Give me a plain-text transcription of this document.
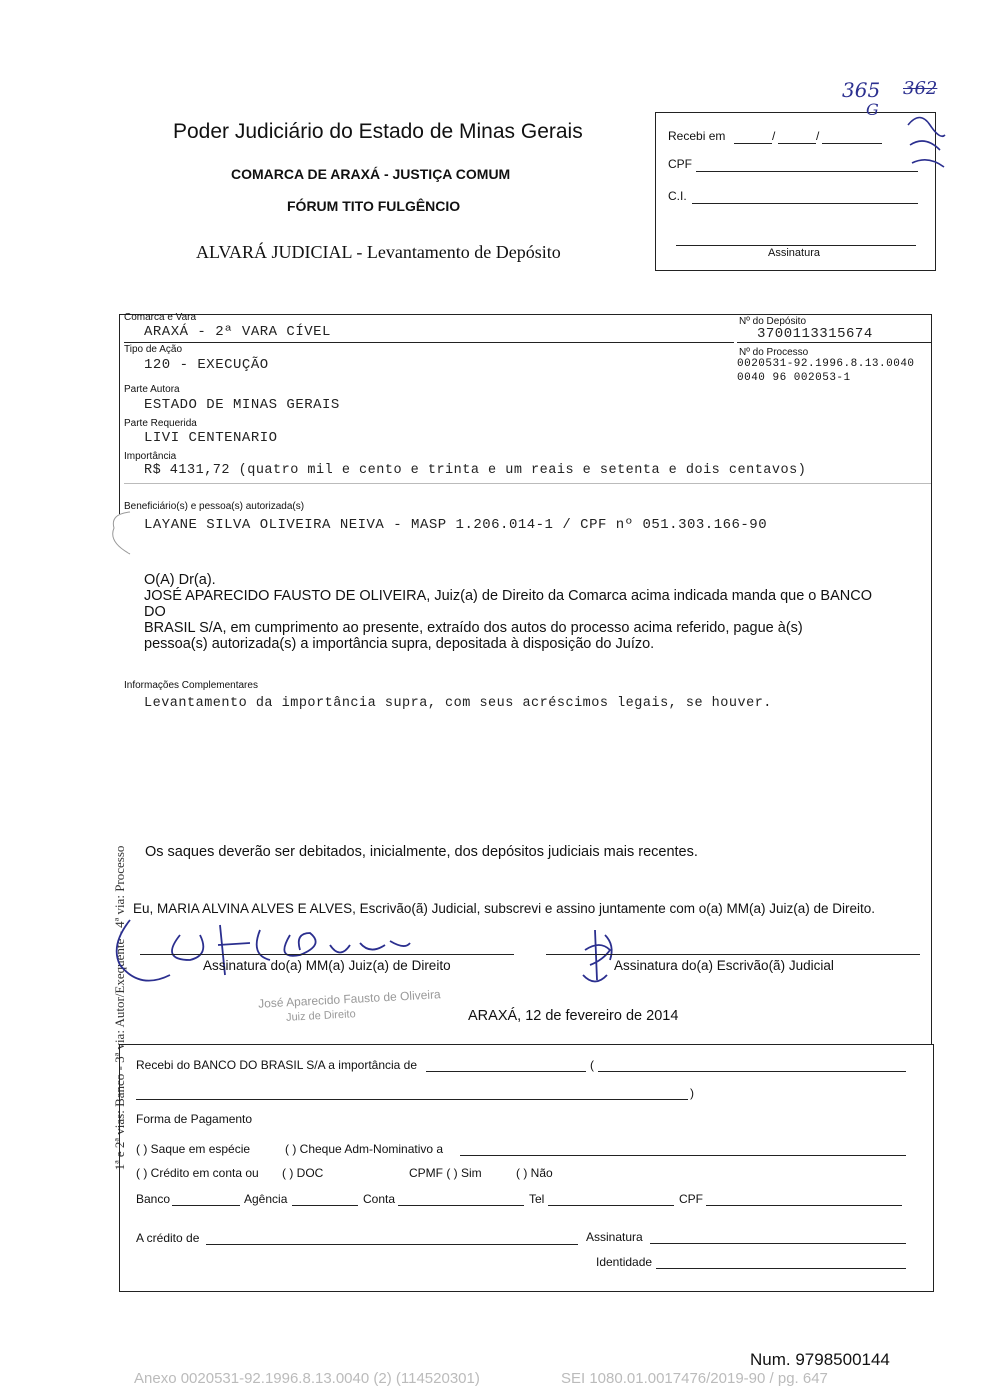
Poder Judiciário do Estado de Minas Gerais
COMARCA DE ARAXÁ - JUSTIÇA COMUM
FÓRUM TITO FULGÊNCIO
ALVARÁ JUDICIAL - Levantamento de Depósito
Recebi em	/	/
CPF
C.I.
Assinatura
365 362
G
Comarca e Vara
ARAXÁ - 2ª VARA CÍVEL
Nº do Depósito
3700113315674
Tipo de Ação
120 - EXECUÇÃO
Nº do Processo
0020531-92.1996.8.13.0040
0040 96 002053-1
Parte Autora
ESTADO DE MINAS GERAIS
Parte Requerida
LIVI CENTENARIO
Importância
R$ 4131,72 (quatro mil e cento e trinta e um reais e setenta e dois centavos)
Beneficiário(s) e pessoa(s) autorizada(s)
LAYANE SILVA OLIVEIRA NEIVA - MASP 1.206.014-1 / CPF nº 051.303.166-90
O(A) Dr(a).
JOSÉ APARECIDO FAUSTO DE OLIVEIRA, Juiz(a) de Direito da Comarca acima indicada manda que o BANCO
DO
BRASIL S/A, em cumprimento ao presente, extraído dos autos do processo acima referido, pague à(s)
pessoa(s) autorizada(s) a importância supra, depositada à disposição do Juízo.
Informações Complementares
Levantamento da importância supra, com seus acréscimos legais, se houver.
Os saques deverão ser debitados, inicialmente, dos depósitos judiciais mais recentes.
Eu, MARIA ALVINA ALVES E ALVES, Escrivão(ã) Judicial, subscrevi e assino juntamente com o(a) MM(a) Juiz(a) de Direito.
1ª e 2ª vias: Banco - 3ª via: Autor/Exequente - 4ª via: Processo	Assinatura do(a) MM(a) Juiz(a) de Direito	Assinatura do(a) Escrivão(ã) Judicial
José Aparecido Fausto de Oliveira
Juiz de Direito	ARAXÁ, 12 de fevereiro de 2014
Recebi do BANCO DO BRASIL S/A a importância de	(
)
Forma de Pagamento
( ) Saque em espécie	( ) Cheque Adm-Nominativo a
( ) Crédito em conta ou ( ) DOC	CPMF ( ) Sim	( ) Não
Banco	Agência	Conta	Tel	CPF
A crédito de	Assinatura
Identidade
Num. 9798500144
Anexo 0020531-92.1996.8.13.0040 (2) (114520301)	SEI 1080.01.0017476/2019-90 / pg. 647
